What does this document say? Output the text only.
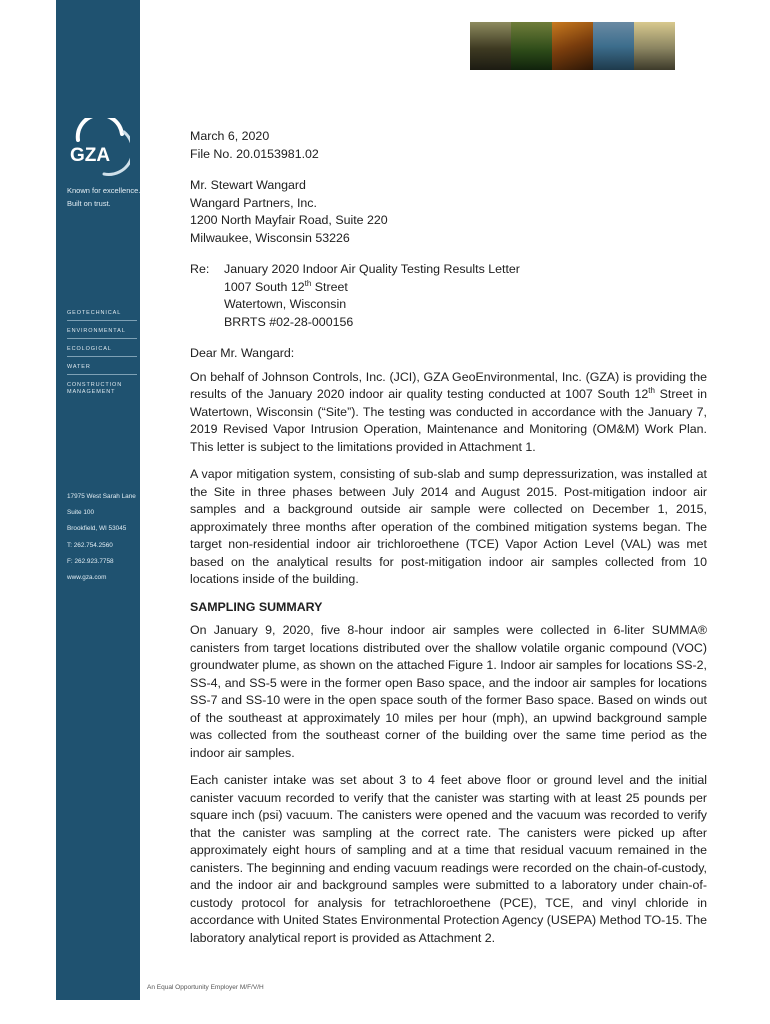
GZA
Known for excellence.
Built on trust.
GEOTECHNICAL
ENVIRONMENTAL
ECOLOGICAL
WATER
CONSTRUCTION
MANAGEMENT
17975 West Sarah Lane
Suite 100
Brookfield, WI 53045
T: 262.754.2560
F: 262.923.7758
www.gza.com
March 6, 2020
File No. 20.0153981.02
Mr. Stewart Wangard
Wangard Partners, Inc.
1200 North Mayfair Road, Suite 220
Milwaukee, Wisconsin 53226
Re:	January 2020 Indoor Air Quality Testing Results Letter
1007 South 12th Street
Watertown, Wisconsin
BRRTS #02-28-000156
Dear Mr. Wangard:

On behalf of Johnson Controls, Inc. (JCI), GZA GeoEnvironmental, Inc. (GZA) is providing the results of the January 2020 indoor air quality testing conducted at 1007 South 12th Street in Watertown, Wisconsin (“Site”). The testing was conducted in accordance with the January 7, 2019 Revised Vapor Intrusion Operation, Maintenance and Monitoring (OM&M) Work Plan. This letter is subject to the limitations provided in Attachment 1.

A vapor mitigation system, consisting of sub-slab and sump depressurization, was installed at the Site in three phases between July 2014 and August 2015. Post-mitigation indoor air samples and a background outside air sample were collected on December 1, 2015, approximately three months after operation of the combined mitigation systems began. The target non-residential indoor air trichloroethene (TCE) Vapor Action Level (VAL) was met based on the analytical results for post-mitigation indoor air samples collected from 10 locations inside of the building.

SAMPLING SUMMARY

On January 9, 2020, five 8-hour indoor air samples were collected in 6-liter SUMMA® canisters from target locations distributed over the shallow volatile organic compound (VOC) groundwater plume, as shown on the attached Figure 1. Indoor air samples for locations SS-2, SS-4, and SS-5 were in the former open Baso space, and the indoor air samples for locations SS-7 and SS-10 were in the open space south of the former Baso space. Based on winds out of the southeast at approximately 10 miles per hour (mph), an upwind background sample was collected from the southeast corner of the building over the same time period as the indoor air samples.

Each canister intake was set about 3 to 4 feet above floor or ground level and the initial canister vacuum recorded to verify that the canister was starting with at least 25 pounds per square inch (psi) vacuum. The canisters were opened and the vacuum was recorded to verify that the canister was sampling at the correct rate. The canisters were picked up after approximately eight hours of sampling and at a time that residual vacuum remained in the canisters. The beginning and ending vacuum readings were recorded on the chain-of-custody, and the indoor air and background samples were submitted to a laboratory under chain-of-custody protocol for analysis for tetrachloroethene (PCE), TCE, and vinyl chloride in accordance with United States Environmental Protection Agency (USEPA) Method TO-15. The laboratory analytical report is provided as Attachment 2.

An Equal Opportunity Employer M/F/V/H
